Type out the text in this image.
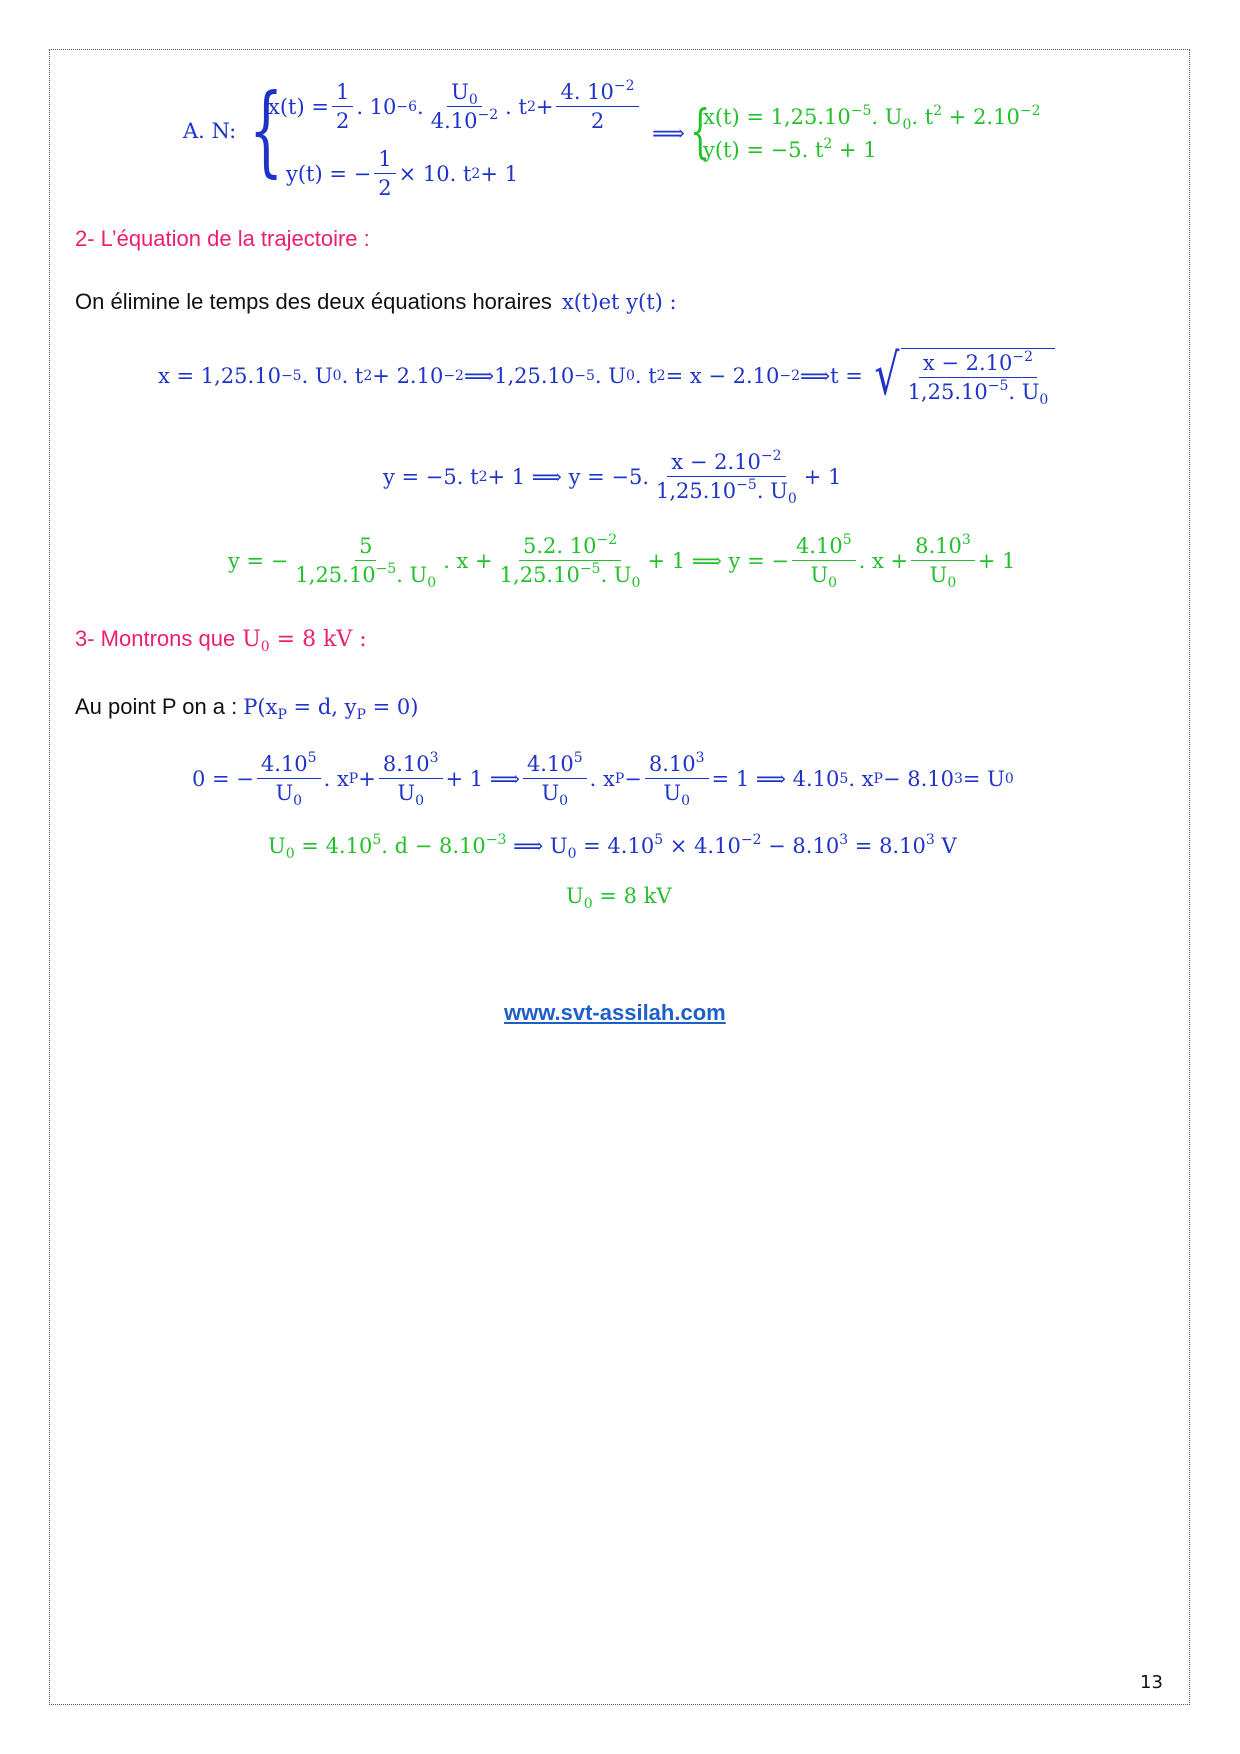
A. N: {
$x(t) = \frac{1}{2}$ . 10 −6 . $\frac{U_0}{4.10^{-2}}$ . t $2 + \frac{4. 10^{-2}}{2}$
y(t) = − $\frac{1}{2} \times 10$. t 2 + 1
⟹ {
$x(t) = 1,25.10^{-5}$. $U_0$. $t^2 + 2.10^{-2}$
y(t) = −5. $t^2 + 1$
2- L’équation de la trajectoire :
On élimine le temps des deux équations horaires x(t)et y(t) :
x = 1,25.10 −5 . U 0 . t 2 + 2.10 −2 ⟹ 1,25.10 −5 . U 0 . t 2 = x − 2.10 −2 ⟹ t = √ $\frac{x - 2.10^{-2}}{1,25.10^{-5}. U_0}$
y = −5. t 2 + 1 ⟹ y = −5. $\frac{x - 2.10^{-2}}{1,25.10^{-5}. U_0} + 1$
y = − $\frac{5}{1,25.10^{-5}. U_0}$ . $x + \frac{5.2. 10^{-2}}{1,25.10^{-5}. U_0} + 1$ ⟹ y = − $\frac{4.10^5}{U_0}$ . $x + \frac{8.10^3}{U_0} + 1$
3- Montrons que $U_0 = 8$ kV :
Au point P on a : $P(x_P = d$, $y_P = 0$)
0 = − $\frac{4.10^5}{U_0}$ . x $P + \frac{8.10^3}{U_0} + 1$ ⟹ $\frac{4.10^5}{U_0}$ . x $P - \frac{8.10^3}{U_0} = 1$ ⟹ 4.10 5 . x P − 8.10 3 = U 0
$U_0 = 4.10^5$. $d - 8.10^{-3}$ ⟹ $U_0 = 4.10^5 \times 4.10^{-2} - 8.10^3 = 8.10^3$ V
$U_0 = 8$ kV
www.svt-assilah.com
13
